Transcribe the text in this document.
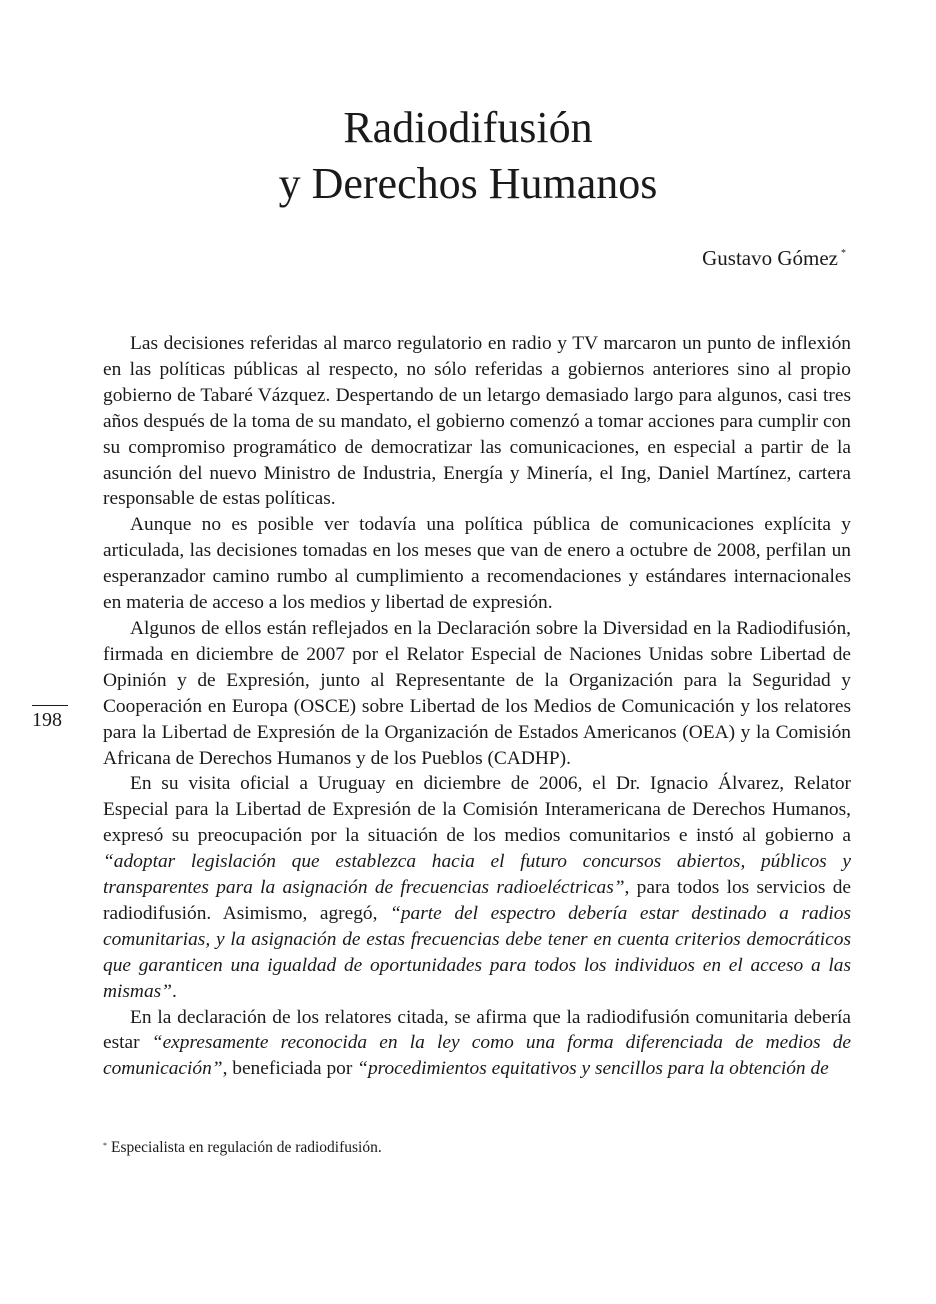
Radiodifusión
y Derechos Humanos
Gustavo Gómez *

Las decisiones referidas al marco regulatorio en radio y TV marcaron un punto de inflexión en las políticas públicas al respecto, no sólo referidas a gobiernos anteriores sino al propio gobierno de Tabaré Vázquez. Despertando de un letargo demasiado largo para algunos, casi tres años después de la toma de su mandato, el gobierno comenzó a tomar acciones para cumplir con su compromiso programático de democratizar las comunicaciones, en especial a partir de la asunción del nuevo Ministro de Industria, Energía y Minería, el Ing, Daniel Martínez, cartera responsable de estas políticas.

Aunque no es posible ver todavía una política pública de comunicaciones explícita y articulada, las decisiones tomadas en los meses que van de enero a octubre de 2008, perfilan un esperanzador camino rumbo al cumplimiento a recomendaciones y estándares internacionales en materia de acceso a los medios y libertad de expresión.

Algunos de ellos están reflejados en la Declaración sobre la Diversidad en la Radiodifusión, firmada en diciembre de 2007 por el Relator Especial de Naciones Unidas sobre Libertad de Opinión y de Expresión, junto al Representante de la Organización para la Seguridad y Cooperación en Europa (OSCE) sobre Libertad de los Medios de Comunicación y los relatores para la Libertad de Expresión de la Organización de Estados Americanos (OEA) y la Comisión Africana de Derechos Humanos y de los Pueblos (CADHP).

En su visita oficial a Uruguay en diciembre de 2006, el Dr. Ignacio Álvarez, Relator Especial para la Libertad de Expresión de la Comisión Interamericana de Derechos Humanos, expresó su preocupación por la situación de los medios comunitarios e instó al gobierno a “adoptar legislación que establezca hacia el futuro concursos abiertos, públicos y transparentes para la asignación de frecuencias radioeléctricas”, para todos los servicios de radiodifusión. Asimismo, agregó, “parte del espectro debería estar destinado a radios comunitarias, y la asignación de estas frecuencias debe tener en cuenta criterios democráticos que garanticen una igualdad de oportunidades para todos los individuos en el acceso a las mismas”.

En la declaración de los relatores citada, se afirma que la radiodifusión comunitaria debería estar “expresamente reconocida en la ley como una forma diferenciada de medios de comunicación”, beneficiada por “procedimientos equitativos y sencillos para la obtención de

198
* Especialista en regulación de radiodifusión.
